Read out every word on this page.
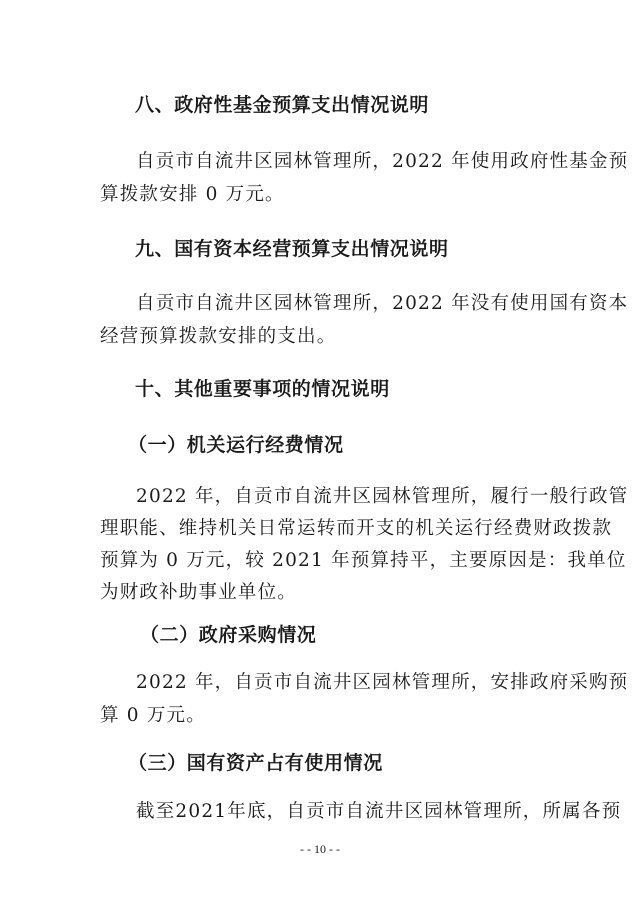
八、政府性基金预算支出情况说明

自贡市自流井区园林管理所，2022 年使用政府性基金预

算拨款安排 0 万元。

九、国有资本经营预算支出情况说明

自贡市自流井区园林管理所，2022 年没有使用国有资本

经营预算拨款安排的支出。

十、其他重要事项的情况说明
（一）机关运行经费情况

2022 年，自贡市自流井区园林管理所，履行一般行政管

理职能、维持机关日常运转而开支的机关运行经费财政拨款

预算为 0 万元，较 2021 年预算持平，主要原因是：我单位

为财政补助事业单位。

（二）政府采购情况

2022 年，自贡市自流井区园林管理所，安排政府采购预

算 0 万元。

（三）国有资产占有使用情况

截至2021年底，自贡市自流井区园林管理所，所属各预

- - 10 - -
